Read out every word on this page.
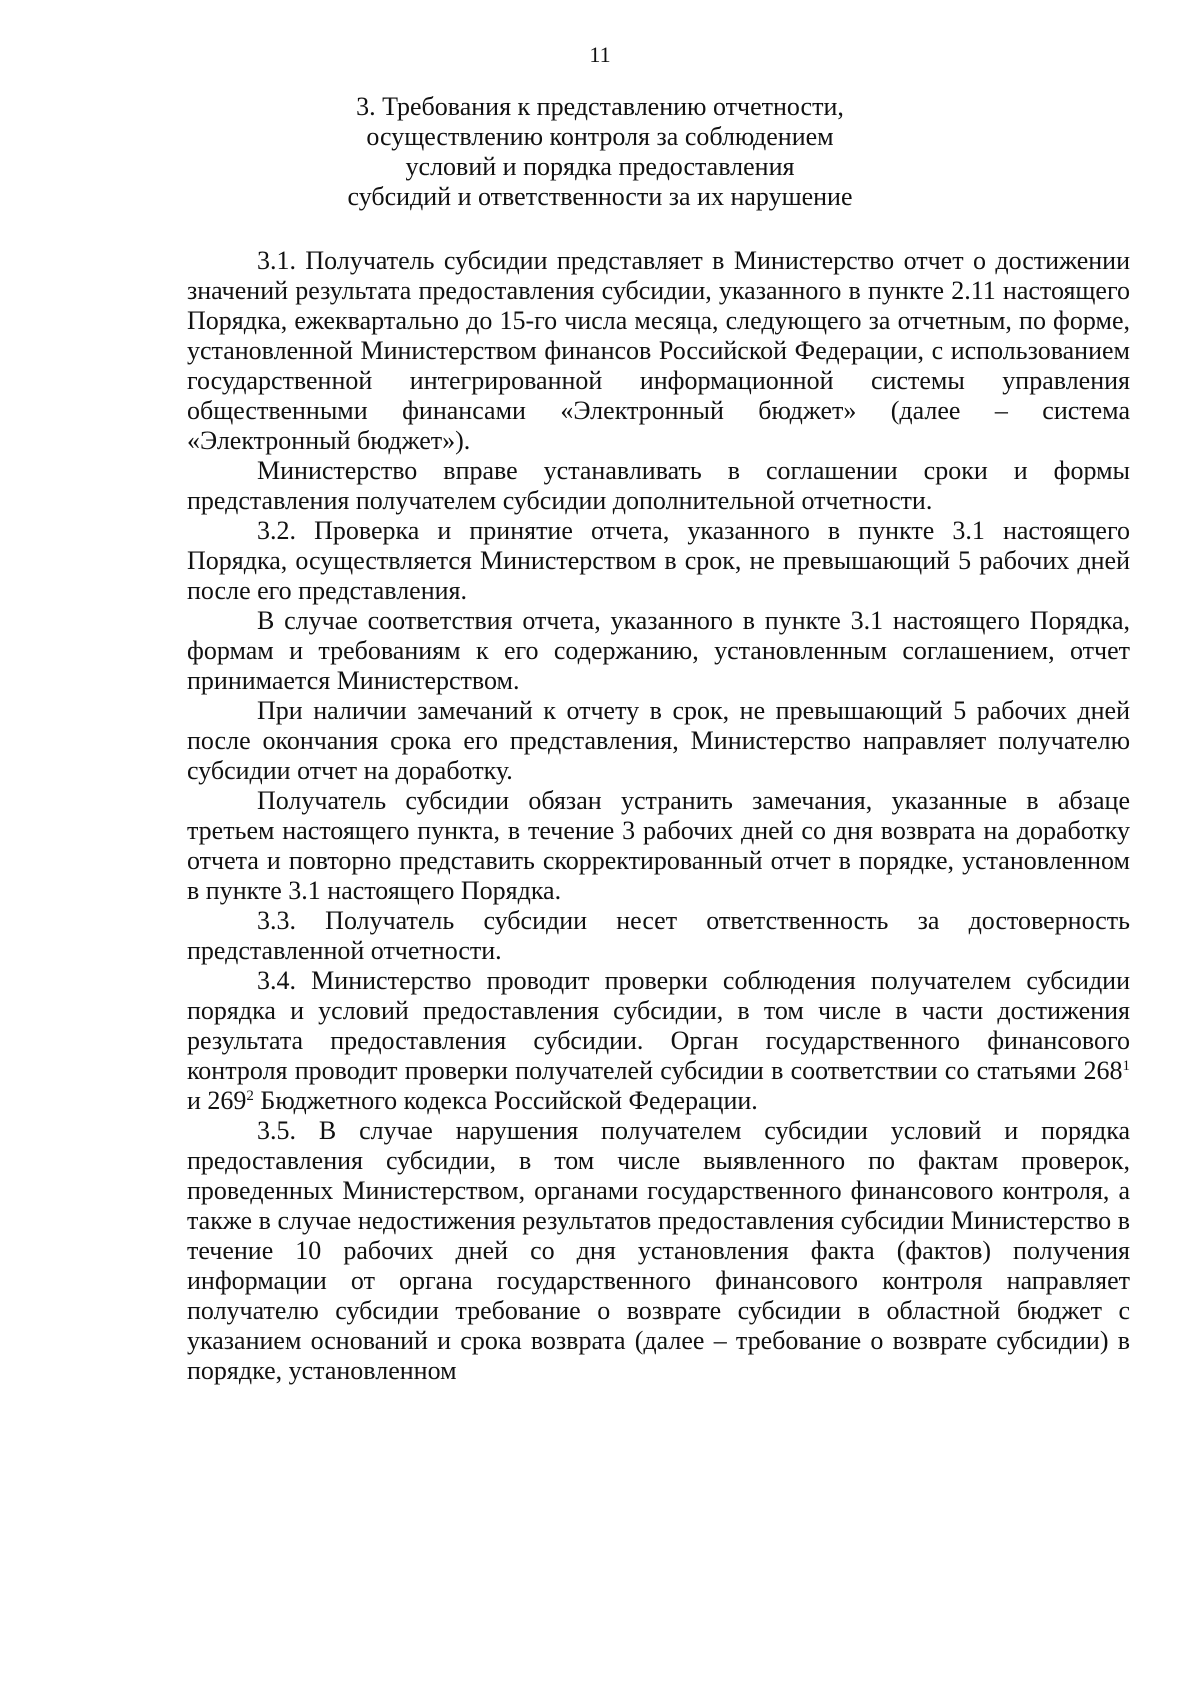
11
3. Требования к представлению отчетности,
осуществлению контроля за соблюдением
условий и порядка предоставления
субсидий и ответственности за их нарушение

3.1. Получатель субсидии представляет в Министерство отчет о достижении значений результата предоставления субсидии, указанного в пункте 2.11 настоящего Порядка, ежеквартально до 15-го числа месяца, следующего за отчетным, по форме, установленной Министерством финансов Российской Федерации, с использованием государственной интегрированной информационной системы управления общественными финансами «Электронный бюджет» (далее – система «Электронный бюджет»).

Министерство вправе устанавливать в соглашении сроки и формы представления получателем субсидии дополнительной отчетности.

3.2. Проверка и принятие отчета, указанного в пункте 3.1 настоящего Порядка, осуществляется Министерством в срок, не превышающий 5 рабочих дней после его представления.

В случае соответствия отчета, указанного в пункте 3.1 настоящего Порядка, формам и требованиям к его содержанию, установленным соглашением, отчет принимается Министерством.

При наличии замечаний к отчету в срок, не превышающий 5 рабочих дней после окончания срока его представления, Министерство направляет получателю субсидии отчет на доработку.

Получатель субсидии обязан устранить замечания, указанные в абзаце третьем настоящего пункта, в течение 3 рабочих дней со дня возврата на доработку отчета и повторно представить скорректированный отчет в порядке, установленном в пункте 3.1 настоящего Порядка.

3.3. Получатель субсидии несет ответственность за достоверность представленной отчетности.

3.4. Министерство проводит проверки соблюдения получателем субсидии порядка и условий предоставления субсидии, в том числе в части достижения результата предоставления субсидии. Орган государственного финансового контроля проводит проверки получателей субсидии в соответствии со статьями $268^1$ и $269^2$ Бюджетного кодекса Российской Федерации.

3.5. В случае нарушения получателем субсидии условий и порядка предоставления субсидии, в том числе выявленного по фактам проверок, проведенных Министерством, органами государственного финансового контроля, а также в случае недостижения результатов предоставления субсидии Министерство в течение 10 рабочих дней со дня установления факта (фактов) получения информации от органа государственного финансового контроля направляет получателю субсидии требование о возврате субсидии в областной бюджет с указанием оснований и срока возврата (далее – требование о возврате субсидии) в порядке, установленном
